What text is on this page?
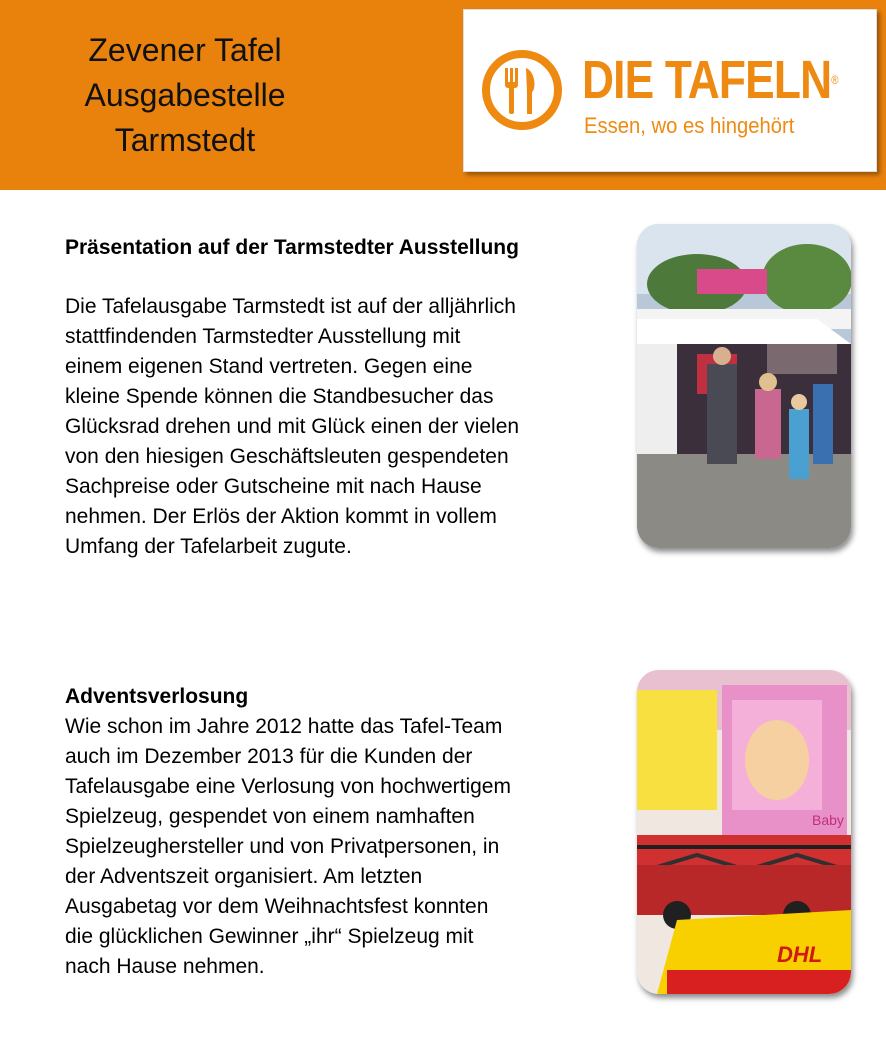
Zevener Tafel
Ausgabestelle
Tarmstedt
DIE TAFELN®
Essen, wo es hingehört
Präsentation auf der Tarmstedter Ausstellung
Die Tafelausgabe Tarmstedt ist auf der alljährlich
stattfindenden Tarmstedter Ausstellung mit
einem eigenen Stand vertreten. Gegen eine
kleine Spende können die Standbesucher das
Glücksrad drehen und mit Glück einen der vielen
von den hiesigen Geschäftsleuten gespendeten
Sachpreise oder Gutscheine mit nach Hause
nehmen. Der Erlös der Aktion kommt in vollem
Umfang der Tafelarbeit zugute.
Adventsverlosung
Wie schon im Jahre 2012 hatte das Tafel-Team
auch im Dezember 2013 für die Kunden der
Tafelausgabe eine Verlosung von hochwertigem
Spielzeug, gespendet von einem namhaften
Spielzeughersteller und von Privatpersonen, in
der Adventszeit organisiert. Am letzten
Ausgabetag vor dem Weihnachtsfest konnten
die glücklichen Gewinner „ihr“ Spielzeug mit
nach Hause nehmen.
Baby
DHL
